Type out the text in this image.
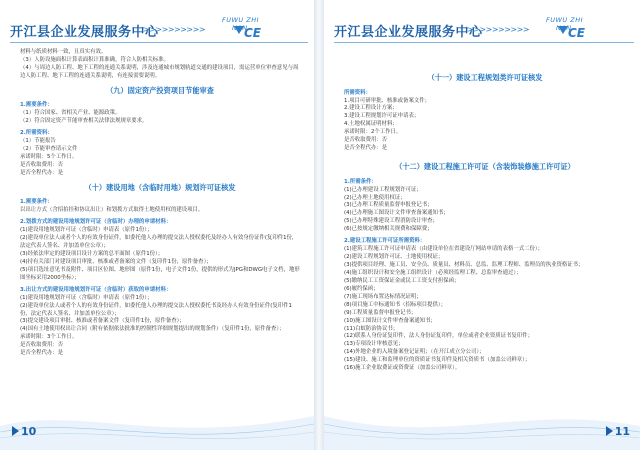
开江县企业发展服务中心
>>>>>>>>>>
FUWU ZHI
NAN
CE

材料与纸质材料一致，且真实有效。

（3）人防设施面积计算表面积计算准确，符合人防相关标准。

（4）与周边人防工程、地下工程的连通关系说明，涉及连通城市规划轨道交通的建设项目，需运营单位审查意见与周边人防工程、地下工程的连通关系说明，有连接需要说明。

（九）固定资产投资项目节能审查

1.需要条件：

（1）符合国家、省相关产业、能源政策。

（2）符合固定资产节能审查相关法律法规规章要求。

2.所需资料：

（1）节能报告

（2）节能审查请示文件

承诺时限：5个工作日。

是否收取费用：否

是否全程代办：是

（十）建设用地（含临时用地）规划许可证核发

1.需要条件：

以出让方式（含招拍挂和协议出让）和划拨方式取得土地使用权的建设项目。

2.划拨方式的建设用地规划许可证（含临时）办理的申请材料：

(1)建设用地规划许可证（含临时）申请表（原件1份）；

(2)建设单位法人或者个人的有效身份证件，如委托他人办理的提交法人授权委托及经办人有效身份证件(复印件1份，法定代表人签名、并加盖单位公章）；

(3)经依法审定的建设项目设计方案的总平面图（原件1份）；

(4)持有关部门对建设项目审批、核准或者备案的文件（复印件1份，原件备查）；

(5)项目选址意见书及附件、项目区位图、地形图（原件1份，电子文件1份，提供的形式为JPG和DWG电子文档，地形图坐标采用2000坐标）；

3.出让方式的建设用地规划许可证（含临时）获取的申请材料：

(1)建设用地规划许可证（含临时）申请表（原件1份）；

(2)建设单位法人或者个人的有效身份证件，如委托他人办理的提交法人授权委托书及经办人有效身份证件(复印件1份，法定代表人签名、并加盖单位公章）；

(3)提交建设项目审批、核准或者备案文件（复印件1份，原件备查）；

(4)国有土地使用权出让合同（附有依据依法批准的控制性详细规划提出的规划条件）（复印件1份，原件备查）；

承诺时限：3个工作日。

是否收取费用：否

是否全程代办：是

10
开江县企业发展服务中心
>>>>>>>>>>
FUWU ZHI
NAN
CE
（十一）建设工程规划类许可证核发

所需资料：

1.项目可研审批、核准或备案文件；

2.建设工程设计方案；

3.建设工程规划许可证申请表；

4.土地权属证明材料；

承诺时限：2个工作日。

是否收取费用：否

是否全程代办：是

（十二）建设工程施工许可证（含装饰装修施工许可证）

1.所需条件：

(1)已办理建设工程规划许可证；

(2)已办理土地使用权证；

(3)已办理工程质量监督申报登记书；

(4)已办理施工图设计文件审查备案通知书；

(5)已办理特殊建设工程消防设计审查；

(6)已按规定缴纳相关规费和保障费；

2.建设工程施工许可证所需资料：

(1)建筑工程施工许可证申请表（由建设单位在省建设厅网站申请的表格一式二份）；

(2)建设工程规划许可证、土地使用权证；

(3)提供项目经理、施工员、安全员、质量员、材料员、总监、监理工程师、监理员的执业资格证书；

(4)施工组织设计和安全施工组织设计（必须经监理工程、总监审查通过）；

(5)缴纳民工工资保证金或民工工资支付担保函；

(6)履约保函；

(7)施工现场布置达标情况证明；

(8)项目施工中标通知书（招标项目提供）；

(9)工程质量监督申报登记书；

(10)施工图设计文件审查备案通知书；

(11)白蚁防治协议书；

(12)联系人身份证复印件，法人身份证复印件，单位或者企业资质证书复印件；

(13)专项设计审核意见；

(14)外地企业的入境备案登记证明；（在开江成立分公司）；

(15)建设、施工和监理单位的资质证书复印件及相关资质书（加盖公司鲜章）；

(16)施工企业取费证或资费证（加盖公司鲜章）。

11
